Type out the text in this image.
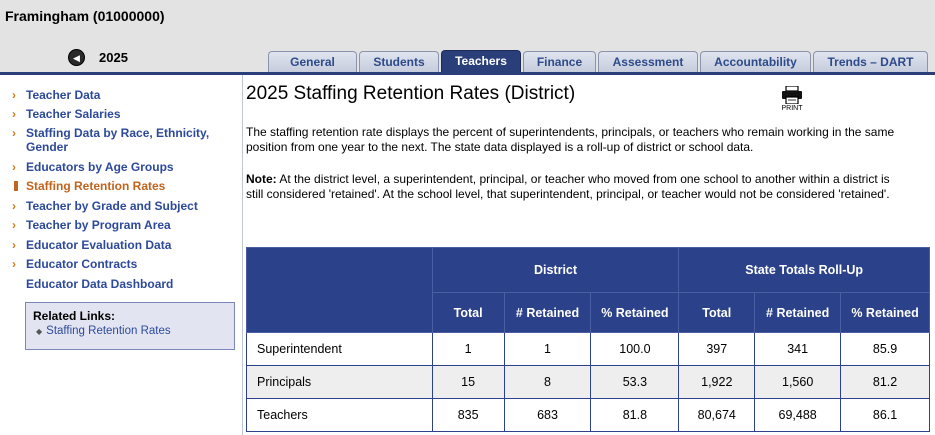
Framingham (01000000)
◀	2025	General	Students	Teachers	Finance	Assessment	Accountability	Trends – DART
› Teacher Data
› Teacher Salaries
› Staffing Data by Race, Ethnicity, Gender
› Educators by Age Groups
Staffing Retention Rates
› Teacher by Grade and Subject
› Teacher by Program Area
› Educator Evaluation Data
› Educator Contracts
Educator Data Dashboard
Related Links:
◆ Staffing Retention Rates
2025 Staffing Retention Rates (District)
PRINT
The staffing retention rate displays the percent of superintendents, principals, or teachers who remain working in the same position from one year to the next. The state data displayed is a roll-up of district or school data.
Note: At the district level, a superintendent, principal, or teacher who moved from one school to another within a district is still considered 'retained'. At the school level, that superintendent, principal, or teacher would not be considered 'retained'.
	District			State Totals Roll-Up		
	Total	# Retained	% Retained	Total	# Retained	% Retained
Superintendent	1	1	100.0	397	341	85.9
Principals	15	8	53.3	1,922	1,560	81.2
Teachers	835	683	81.8	80,674	69,488	86.1
